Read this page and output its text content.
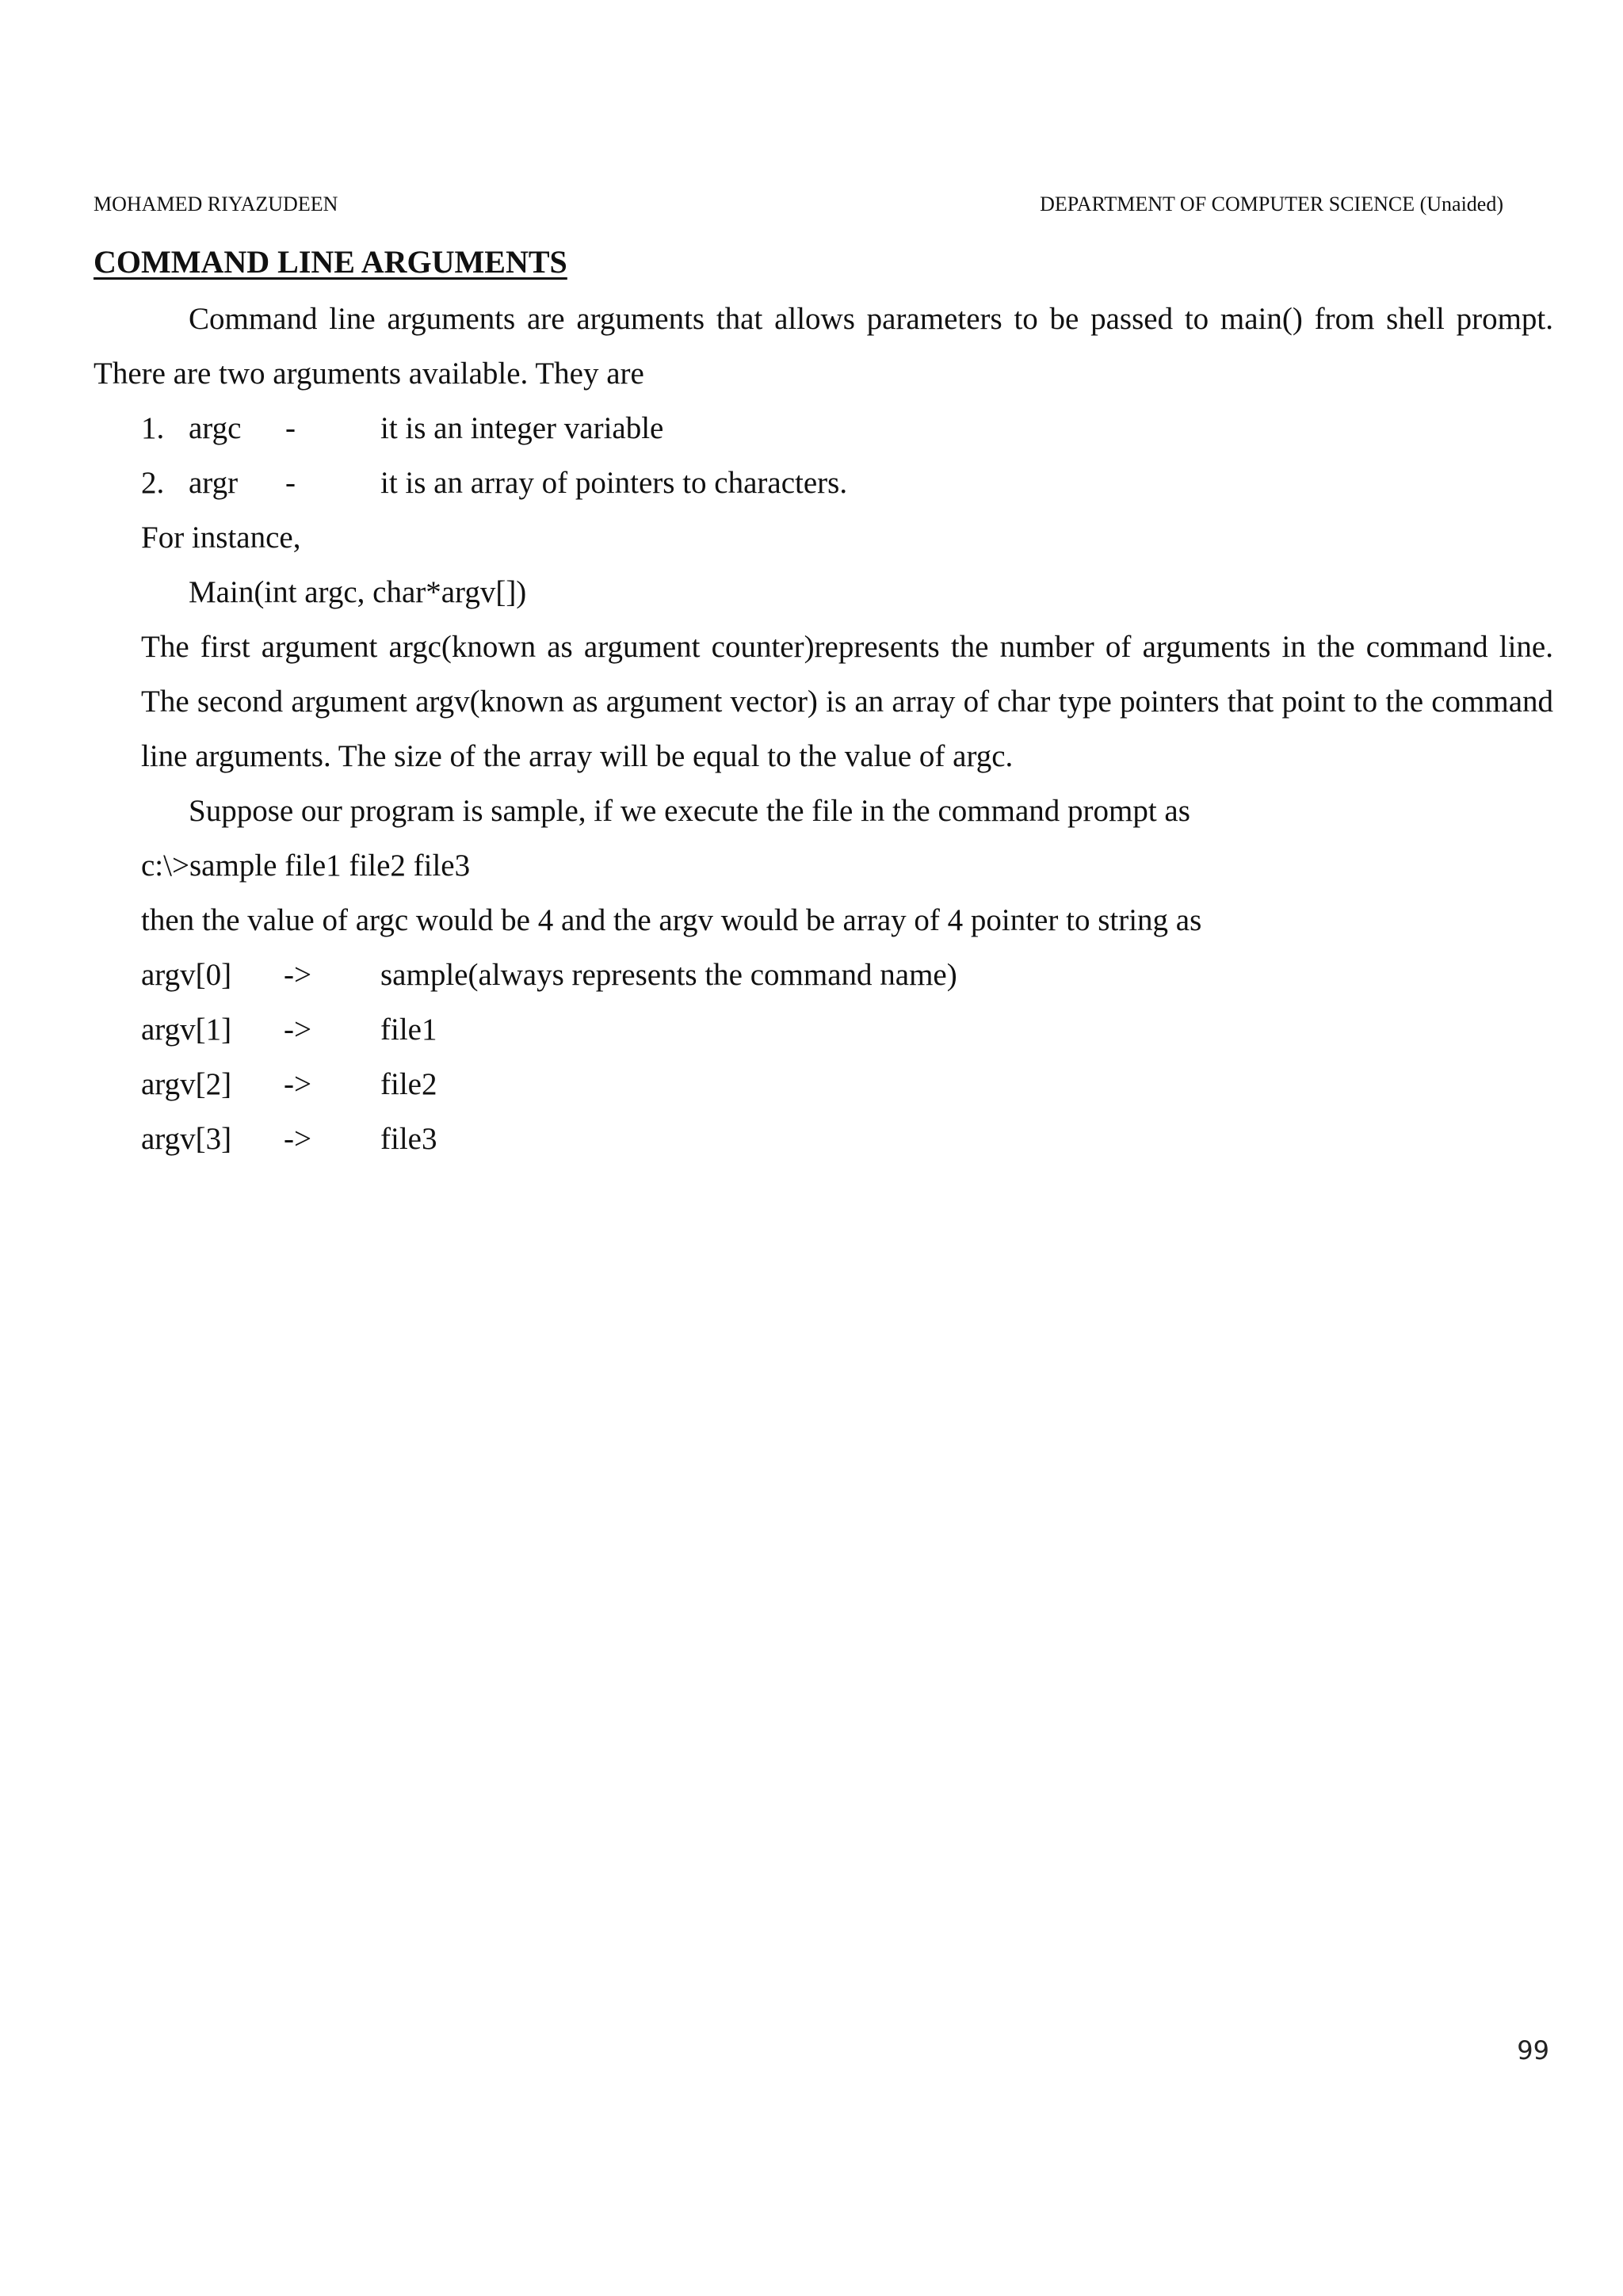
MOHAMED RIYAZUDEEN	DEPARTMENT OF COMPUTER SCIENCE (Unaided)
COMMAND LINE ARGUMENTS

Command line arguments are arguments that allows parameters to be passed to main() from shell prompt. There are two arguments available. They are

1. argc -	it is an integer variable
2. argr -	it is an array of pointers to characters.
For instance,
Main(int argc, char*argv[])

The first argument argc(known as argument counter)represents the number of arguments in the command line. The second argument argv(known as argument vector) is an array of char type pointers that point to the command line arguments. The size of the array will be equal to the value of argc.

Suppose our program is sample, if we execute the file in the command prompt as
c:\>sample file1 file2 file3
then the value of argc would be 4 and the argv would be array of 4 pointer to string as
argv[0] -> sample(always represents the command name)
argv[1] -> file1
argv[2] -> file2
argv[3] -> file3
99
